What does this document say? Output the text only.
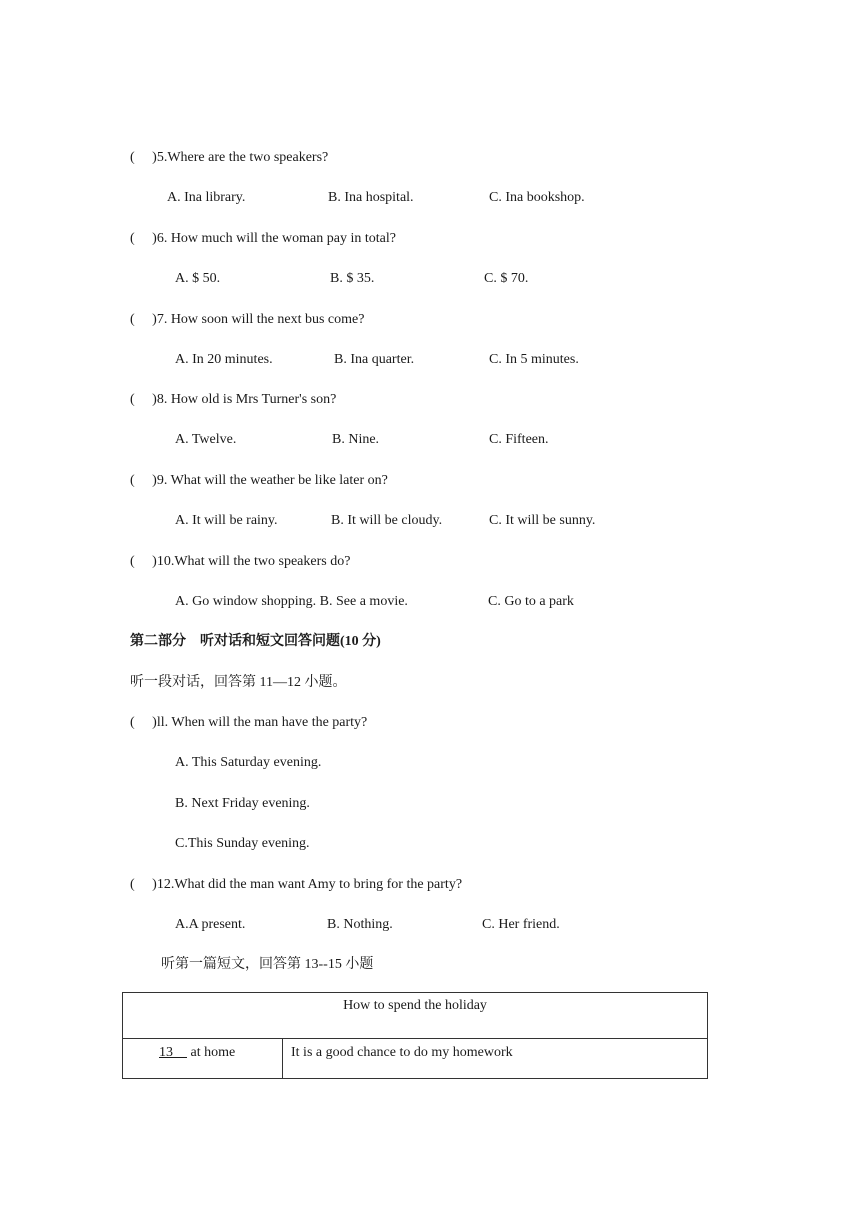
(  )5.Where are the two speakers?
A. Ina library.	B. Ina hospital.	C. Ina bookshop.
(  )6. How much will the woman pay in total?
A. $ 50.	B. $ 35.	C. $ 70.
(  )7. How soon will the next bus come?
A. In 20 minutes.	B. Ina quarter.	C. In 5 minutes.
(  )8. How old is Mrs Turner's son?
A. Twelve.	B. Nine.	C. Fifteen.
(  )9. What will the weather be like later on?
A. It will be rainy.	B. It will be cloudy.	C. It will be sunny.
(  )10.What will the two speakers do?
A. Go window shopping. B. See a movie.	C. Go to a park
第二部分　听对话和短文回答问题(10 分)
听一段对话，回答第 11—12 小题。
(  )ll. When will the man have the party?
A. This Saturday evening.
B. Next Friday evening.
C.This Sunday evening.
(  )12.What did the man want Amy to bring for the party?
A.A present.	B. Nothing.	C. Her friend.
听第一篇短文，回答第 13--15 小题
How to spend the holiday
13  at home	It is a good chance to do my homework
